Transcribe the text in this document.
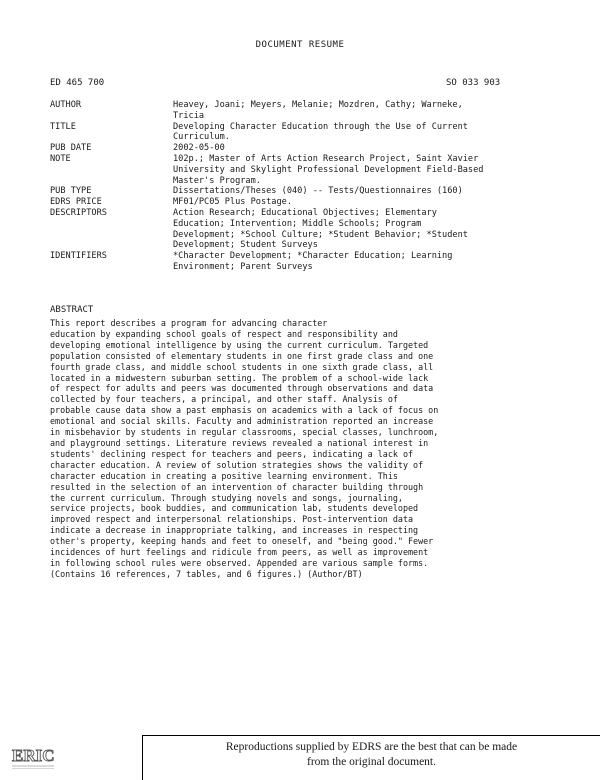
DOCUMENT RESUME
ED 465 700	SO 033 903
AUTHOR	Heavey, Joani; Meyers, Melanie; Mozdren, Cathy; Warneke,
Tricia
TITLE	Developing Character Education through the Use of Current
Curriculum.
PUB DATE	2002-05-00
NOTE	102p.; Master of Arts Action Research Project, Saint Xavier
University and Skylight Professional Development Field-Based
Master's Program.
PUB TYPE	Dissertations/Theses (040) -- Tests/Questionnaires (160)
EDRS PRICE	MF01/PC05 Plus Postage.
DESCRIPTORS	Action Research; Educational Objectives; Elementary
Education; Intervention; Middle Schools; Program
Development; *School Culture; *Student Behavior; *Student
Development; Student Surveys
IDENTIFIERS	*Character Development; *Character Education; Learning
Environment; Parent Surveys
ABSTRACT
This report describes a program for advancing character
education by expanding school goals of respect and responsibility and
developing emotional intelligence by using the current curriculum. Targeted
population consisted of elementary students in one first grade class and one
fourth grade class, and middle school students in one sixth grade class, all
located in a midwestern suburban setting. The problem of a school-wide lack
of respect for adults and peers was documented through observations and data
collected by four teachers, a principal, and other staff. Analysis of
probable cause data show a past emphasis on academics with a lack of focus on
emotional and social skills. Faculty and administration reported an increase
in misbehavior by students in regular classrooms, special classes, lunchroom,
and playground settings. Literature reviews revealed a national interest in
students' declining respect for teachers and peers, indicating a lack of
character education. A review of solution strategies shows the validity of
character education in creating a positive learning environment. This
resulted in the selection of an intervention of character building through
the current curriculum. Through studying novels and songs, journaling,
service projects, book buddies, and communication lab, students developed
improved respect and interpersonal relationships. Post-intervention data
indicate a decrease in inappropriate talking, and increases in respecting
other's property, keeping hands and feet to oneself, and "being good." Fewer
incidences of hurt feelings and ridicule from peers, as well as improvement
in following school rules were observed. Appended are various sample forms.
(Contains 16 references, 7 tables, and 6 figures.) (Author/BT)
ERIC	Reproductions supplied by EDRS are the best that can be made
from the original document.
